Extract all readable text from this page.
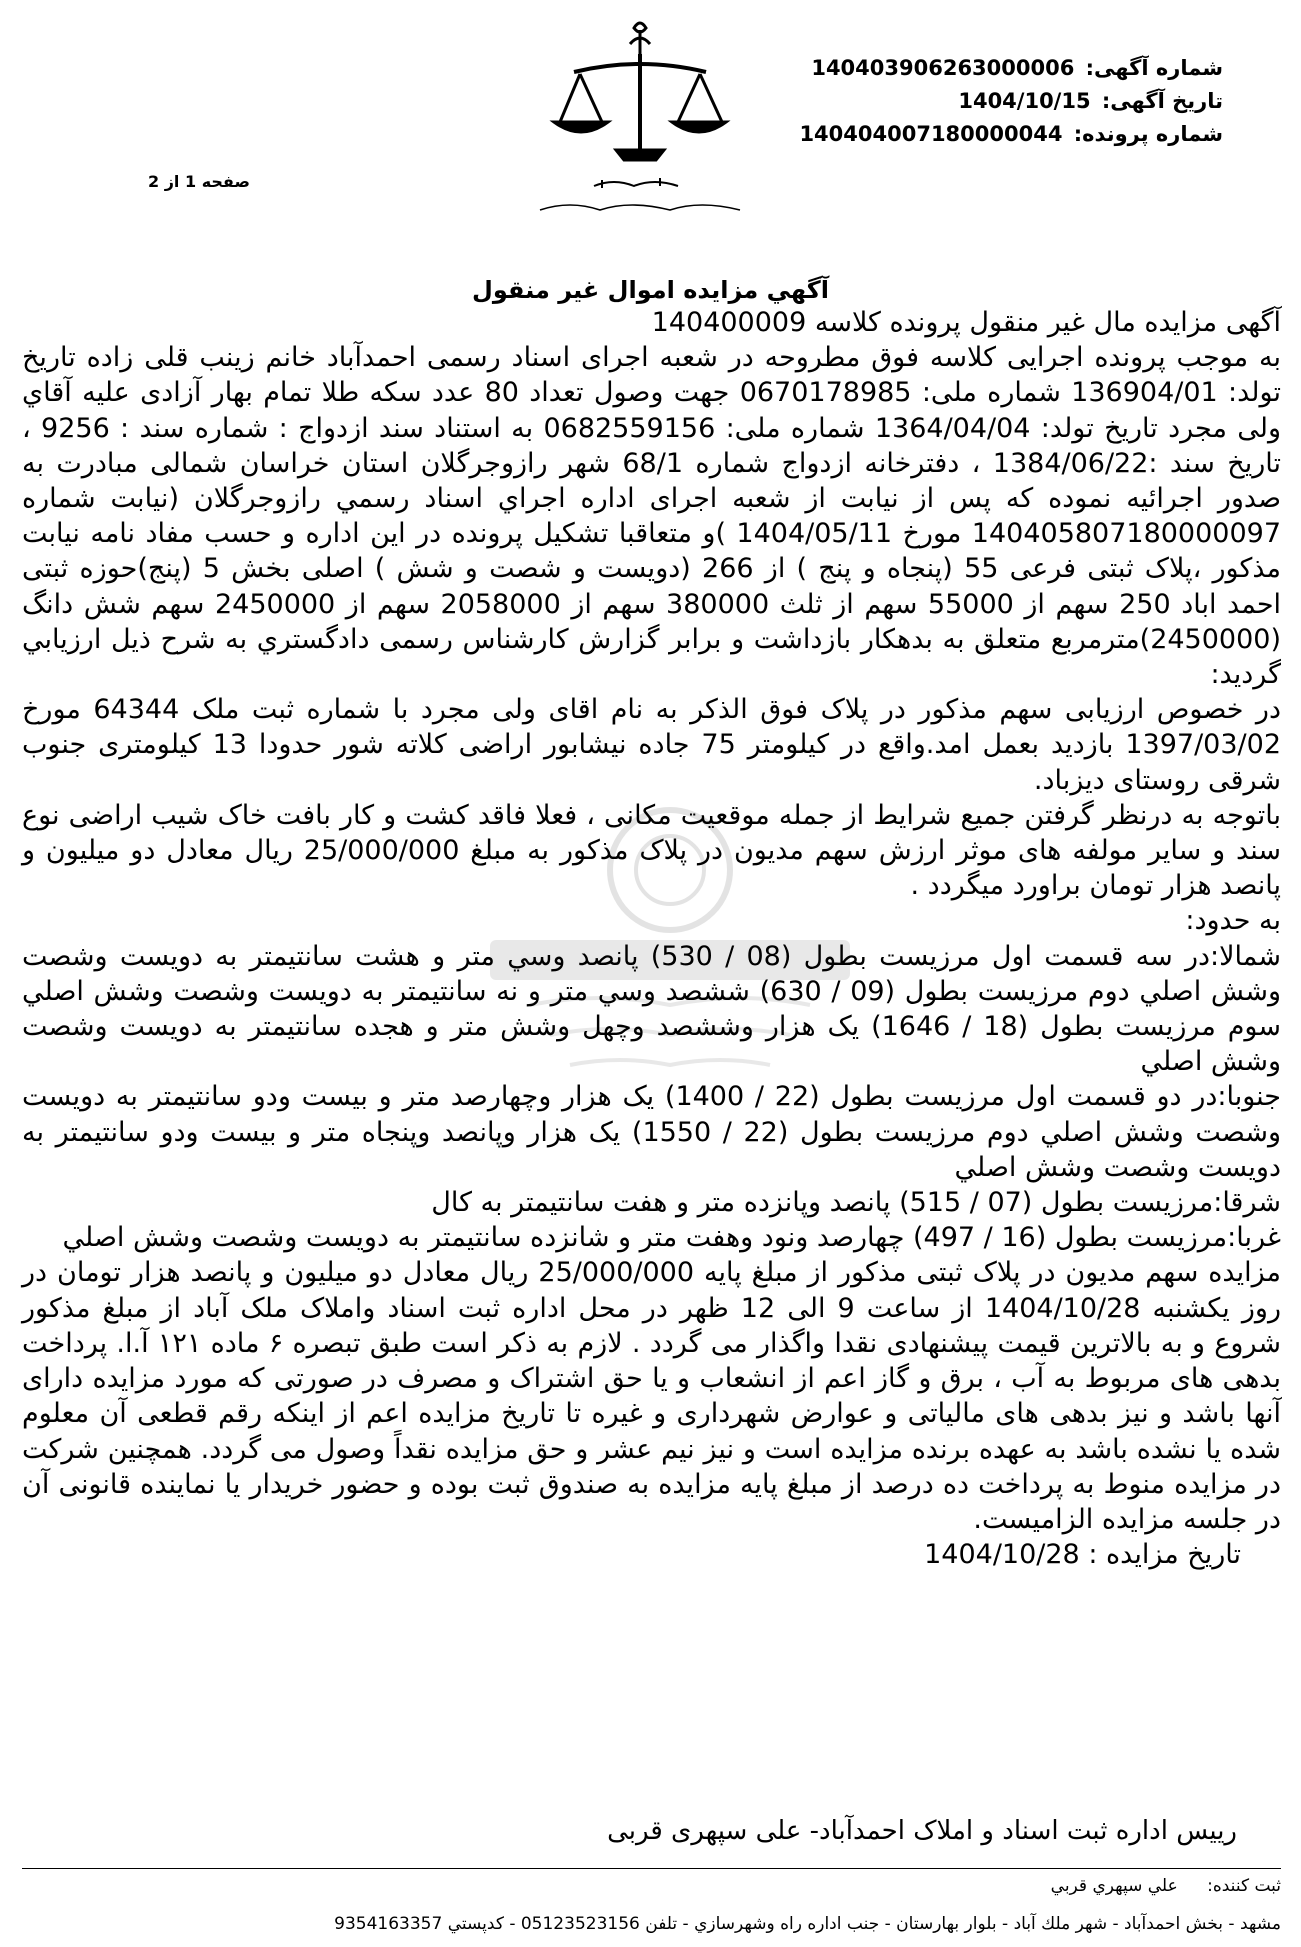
شماره آگهی: 140403906263000006
تاریخ آگهی: 1404/10/15
شماره پرونده: 140404007180000044
صفحه 1 از 2
آگهي مزايده اموال غير منقول

آگهی مزایده مال غیر منقول پرونده کلاسه 140400009

به موجب پرونده اجرایی کلاسه فوق مطروحه در شعبه اجرای اسناد رسمی احمدآباد خانم زینب قلی زاده تاریخ تولد: 136904/01 شماره ملی: 0670178985 جهت وصول تعداد 80 عدد سکه طلا تمام بهار آزادی علیه آقاي ولی مجرد تاریخ تولد: 1364/04/04 شماره ملی: 0682559156 به استناد سند ازدواج : شماره سند : 9256 ، تاریخ سند :1384/06/22 ، دفترخانه ازدواج شماره 68/1 شهر رازوجرگلان استان خراسان شمالی مبادرت به صدور اجرائیه نموده که پس از نیابت از شعبه اجرای اداره اجراي اسناد رسمي رازوجرگلان (نیابت شماره 140405807180000097 مورخ 1404/05/11 )و متعاقبا تشکیل پرونده در این اداره و حسب مفاد نامه نیابت مذکور ،پلاک ثبتی فرعی 55 (پنجاه و پنج ) از 266 (دویست و شصت و شش ) اصلی بخش 5 (پنج)حوزه ثبتی احمد اباد 250 سهم از 55000 سهم از ثلث 380000 سهم از 2058000 سهم از 2450000 سهم شش دانگ (2450000)مترمربع متعلق به بدهکار بازداشت و برابر گزارش کارشناس رسمی دادگستري به شرح ذیل ارزيابي گرديد:

در خصوص ارزیابی سهم مذکور در پلاک فوق الذکر به نام اقای ولی مجرد با شماره ثبت ملک 64344 مورخ 1397/03/02 بازدید بعمل امد.واقع در کیلومتر 75 جاده نیشابور اراضی کلاته شور حدودا 13 کیلومتری جنوب شرقی روستای دیزباد.

باتوجه به درنظر گرفتن جمیع شرایط از جمله موقعیت مکانی ، فعلا فاقد کشت و کار بافت خاک شیب اراضی نوع سند و سایر مولفه های موثر ارزش سهم مدیون در پلاک مذکور به مبلغ 25/000/000 ریال معادل دو میلیون و پانصد هزار تومان براورد میگردد .

به حدود:

شمالا:در سه قسمت اول مرزيست بطول (08 / 530) پانصد وسي متر و هشت سانتيمتر به دويست وشصت وشش اصلي دوم مرزيست بطول (09 / 630) ششصد وسي متر و نه سانتيمتر به دويست وشصت وشش اصلي سوم مرزيست بطول (18 / 1646) يک هزار وششصد وچهل وشش متر و هجده سانتيمتر به دويست وشصت وشش اصلي

جنوبا:در دو قسمت اول مرزيست بطول (22 / 1400) يک هزار وچهارصد متر و بيست ودو سانتيمتر به دويست وشصت وشش اصلي دوم مرزيست بطول (22 / 1550) يک هزار وپانصد وپنجاه متر و بيست ودو سانتيمتر به دويست وشصت وشش اصلي

شرقا:مرزيست بطول (07 / 515) پانصد وپانزده متر و هفت سانتيمتر به کال

غربا:مرزيست بطول (16 / 497) چهارصد ونود وهفت متر و شانزده سانتيمتر به دويست وشصت وشش اصلي

مزایده سهم مدیون در پلاک ثبتی مذکور از مبلغ پایه 25/000/000 ریال معادل دو میلیون و پانصد هزار تومان در روز یکشنبه 1404/10/28 از ساعت 9 الی 12 ظهر در محل اداره ثبت اسناد واملاک ملک آباد از مبلغ مذکور شروع و به بالاترین قیمت پیشنهادی نقدا واگذار می گردد . لازم به ذکر است طبق تبصره ۶ ماده ۱۲۱ آ.ا. پرداخت بدهی های مربوط به آب ، برق و گاز اعم از انشعاب و یا حق اشتراک و مصرف در صورتی که مورد مزایده دارای آنها باشد و نیز بدهی های مالیاتی و عوارض شهرداری و غیره تا تاریخ مزایده اعم از اینکه رقم قطعی آن معلوم شده یا نشده باشد به عهده برنده مزایده است و نیز نیم عشر و حق مزایده نقداً وصول می گردد. همچنین شرکت در مزایده منوط به پرداخت ده درصد از مبلغ پایه مزایده به صندوق ثبت بوده و حضور خریدار یا نماینده قانونی آن در جلسه مزایده الزامیست.

تاریخ مزایده : 1404/10/28

رییس اداره ثبت اسناد و املاک احمدآباد- علی سپهری قربی
ثبت کننده: علي سپهري قربي
مشهد - بخش احمدآباد - شهر ملك آباد - بلوار بهارستان - جنب اداره راه وشهرسازي - تلفن 05123523156 - كدپستي 9354163357
